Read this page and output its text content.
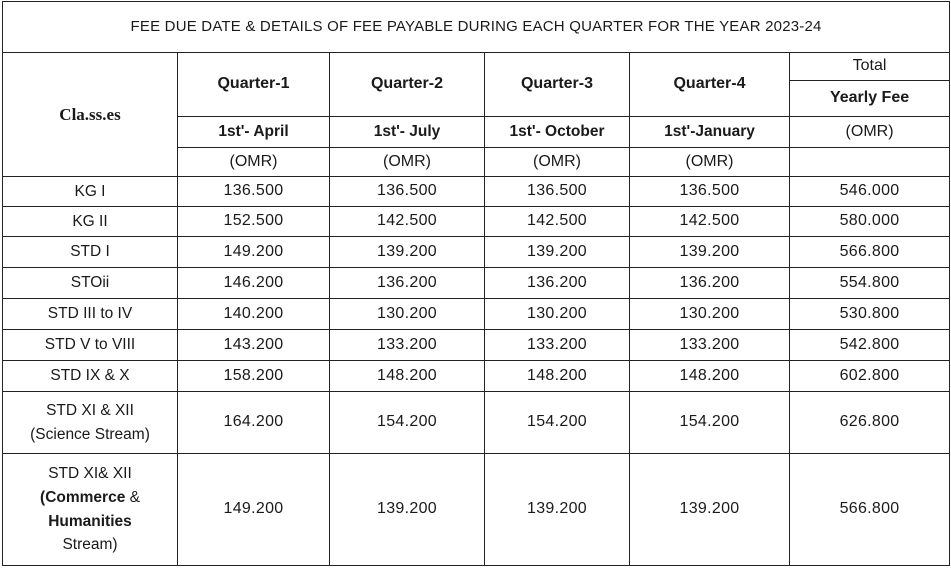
FEE DUE DATE & DETAILS OF FEE PAYABLE DURING EACH QUARTER FOR THE YEAR 2023-24					
Cla.ss.es	Quarter-1	Quarter-2	Quarter-3	Quarter-4	Total
					Yearly Fee
	1st'- April	1st'- July	1st'- October	1st'-January	(OMR)
	(OMR)	(OMR)	(OMR)	(OMR)	
KG I	136.500	136.500	136.500	136.500	546.000
KG II	152.500	142.500	142.500	142.500	580.000
STD I	149.200	139.200	139.200	139.200	566.800
STOii	146.200	136.200	136.200	136.200	554.800
STD III to IV	140.200	130.200	130.200	130.200	530.800
STD V to VIII	143.200	133.200	133.200	133.200	542.800
STD IX & X	158.200	148.200	148.200	148.200	602.800

STD XI & XII
(Science Stream)	164.200	154.200	154.200	154.200	626.800

STD XI& XII
(Commerce &
Humanities
Stream)	149.200	139.200	139.200	139.200	566.800
